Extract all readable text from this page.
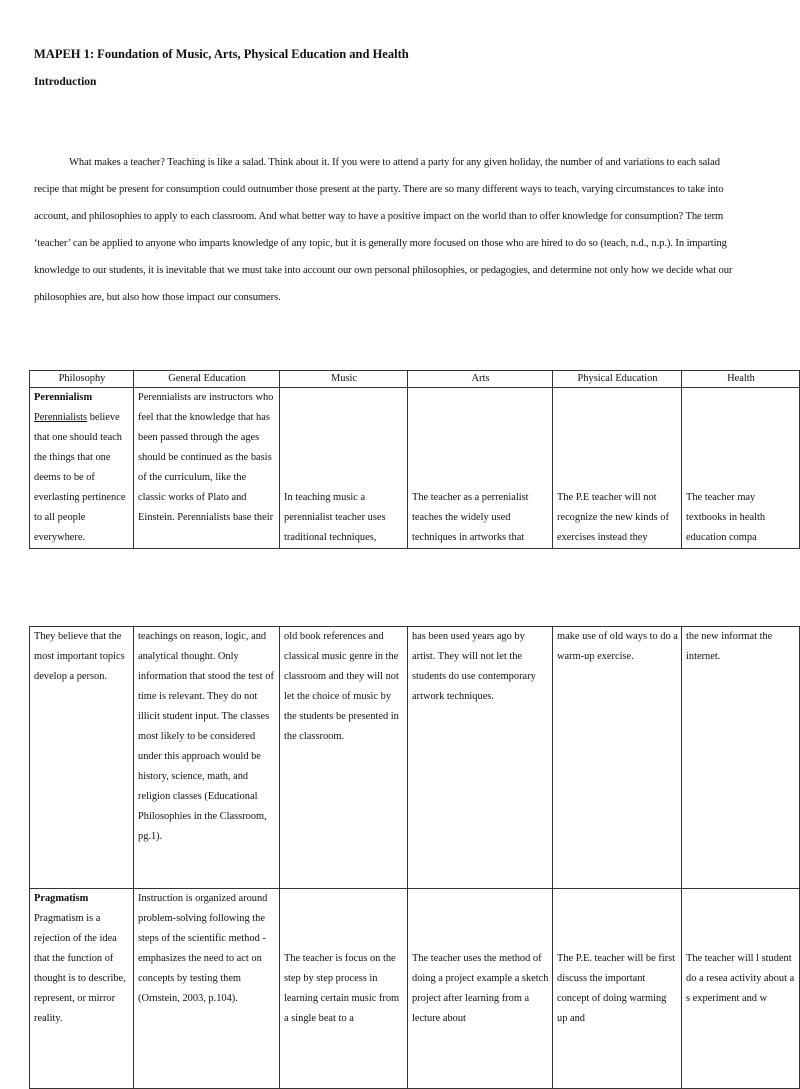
MAPEH 1: Foundation of Music, Arts, Physical Education and Health
Introduction

What makes a teacher? Teaching is like a salad. Think about it. If you were to attend a party for any given holiday, the number of and variations to each salad recipe that might be present for consumption could outnumber those present at the party. There are so many different ways to teach, varying circumstances to take into account, and philosophies to apply to each classroom. And what better way to have a positive impact on the world than to offer knowledge for consumption? The term ‘teacher’ can be applied to anyone who imparts knowledge of any topic, but it is generally more focused on those who are hired to do so (teach, n.d., n.p.). In imparting knowledge to our students, it is inevitable that we must take into account our own personal philosophies, or pedagogies, and determine not only how we decide what our philosophies are, but also how those impact our consumers.

Philosophy	General Education	Music	Arts	Physical Education	Health

Perennialism
Perennialists believe that one should teach the things that one deems to be of everlasting pertinence to all people everywhere.	Perennialists are instructors who feel that the knowledge that has been passed through the ages should be continued as the basis of the curriculum, like the classic works of Plato and Einstein. Perennialists base their	In teaching music a perennialist teacher uses traditional techniques,	The teacher as a perrenialist teaches the widely used techniques in artworks that	The P.E teacher will not recognize the new kinds of exercises instead they	The teacher may textbooks in health education compa
They believe that the most important topics develop a person.	teachings on reason, logic, and analytical thought. Only information that stood the test of time is relevant. They do not illicit student input. The classes most likely to be considered under this approach would be history, science, math, and religion classes (Educational Philosophies in the Classroom, pg.1).	old book references and classical music genre in the classroom and they will not let the choice of music by the students be presented in the classroom.	has been used years ago by artist. They will not let the students do use contemporary artwork techniques.	make use of old ways to do a warm-up exercise.	the new informat the internet.

Pragmatism
Pragmatism is a rejection of the idea that the function of thought is to describe, represent, or mirror reality.	Instruction is organized around problem-solving following the steps of the scientific method - emphasizes the need to act on concepts by testing them (Ornstein, 2003, p.104).	The teacher is focus on the step by step process in learning certain music from a single beat to a	The teacher uses the method of doing a project example a sketch project after learning from a lecture about	The P.E. teacher will be first discuss the important concept of doing warming up and	The teacher will l student do a resea activity about a s experiment and w
